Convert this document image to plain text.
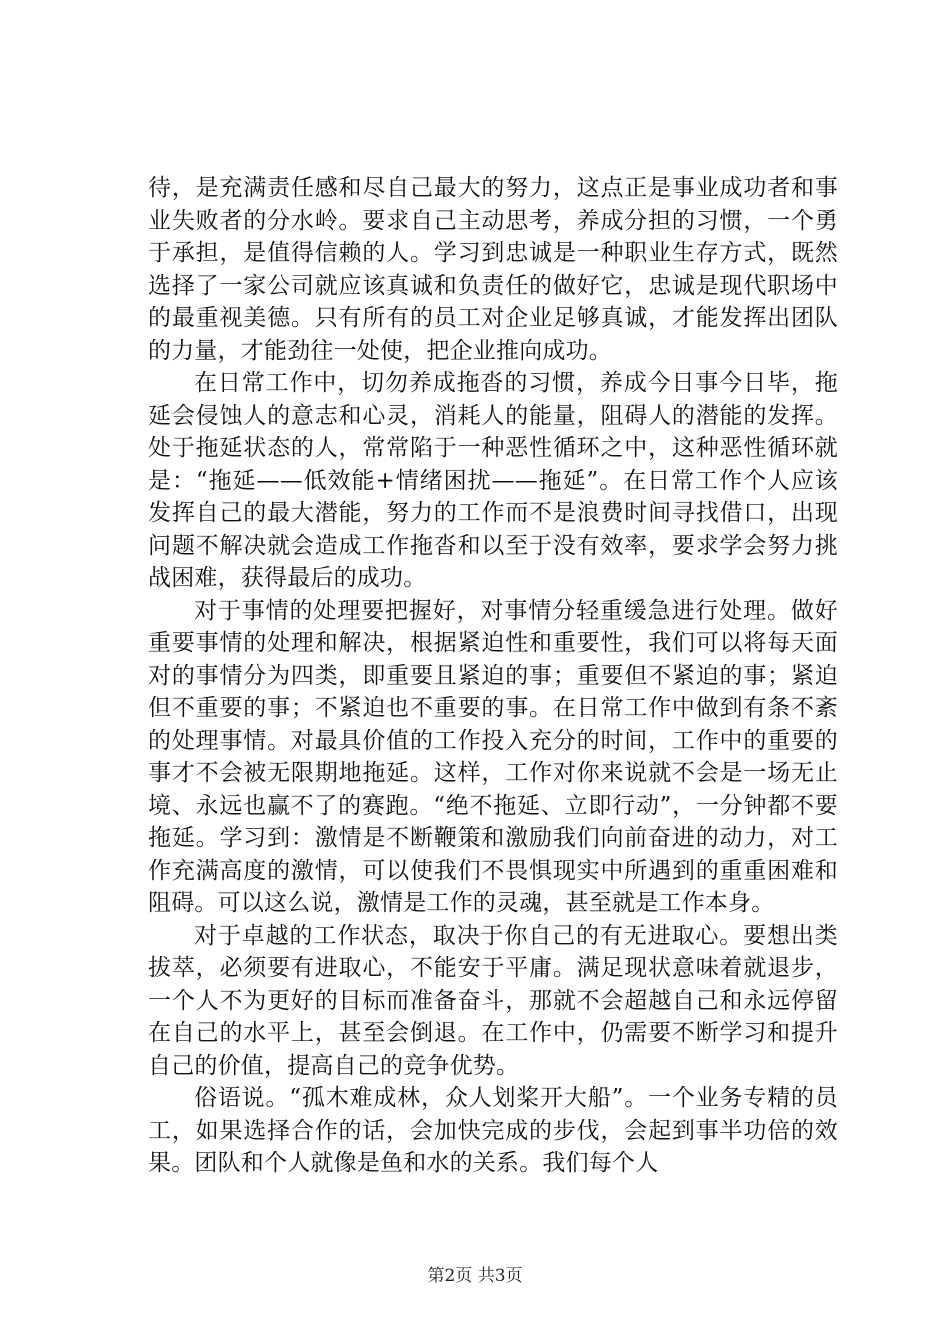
待，是充满责任感和尽自己最大的努力，这点正是事业成功者和事业失败者的分水岭。要求自己主动思考，养成分担的习惯，一个勇于承担，是值得信赖的人。学习到忠诚是一种职业生存方式，既然选择了一家公司就应该真诚和负责任的做好它，忠诚是现代职场中的最重视美德。只有所有的员工对企业足够真诚，才能发挥出团队的力量，才能劲往一处使，把企业推向成功。

在日常工作中，切勿养成拖沓的习惯，养成今日事今日毕，拖延会侵蚀人的意志和心灵，消耗人的能量，阻碍人的潜能的发挥。处于拖延状态的人，常常陷于一种恶性循环之中，这种恶性循环就是：“拖延——低效能+情绪困扰——拖延”。在日常工作个人应该发挥自己的最大潜能，努力的工作而不是浪费时间寻找借口，出现问题不解决就会造成工作拖沓和以至于没有效率，要求学会努力挑战困难，获得最后的成功。

对于事情的处理要把握好，对事情分轻重缓急进行处理。做好重要事情的处理和解决，根据紧迫性和重要性，我们可以将每天面对的事情分为四类，即重要且紧迫的事；重要但不紧迫的事；紧迫但不重要的事；不紧迫也不重要的事。在日常工作中做到有条不紊的处理事情。对最具价值的工作投入充分的时间，工作中的重要的事才不会被无限期地拖延。这样，工作对你来说就不会是一场无止境、永远也赢不了的赛跑。“绝不拖延、立即行动”，一分钟都不要拖延。学习到：激情是不断鞭策和激励我们向前奋进的动力，对工作充满高度的激情，可以使我们不畏惧现实中所遇到的重重困难和阻碍。可以这么说，激情是工作的灵魂，甚至就是工作本身。

对于卓越的工作状态，取决于你自己的有无进取心。要想出类拔萃，必须要有进取心，不能安于平庸。满足现状意味着就退步，一个人不为更好的目标而准备奋斗，那就不会超越自己和永远停留在自己的水平上，甚至会倒退。在工作中，仍需要不断学习和提升自己的价值，提高自己的竞争优势。

俗语说。“孤木难成林，众人划桨开大船”。一个业务专精的员工，如果选择合作的话，会加快完成的步伐，会起到事半功倍的效果。团队和个人就像是鱼和水的关系。我们每个人

第2页 共3页
